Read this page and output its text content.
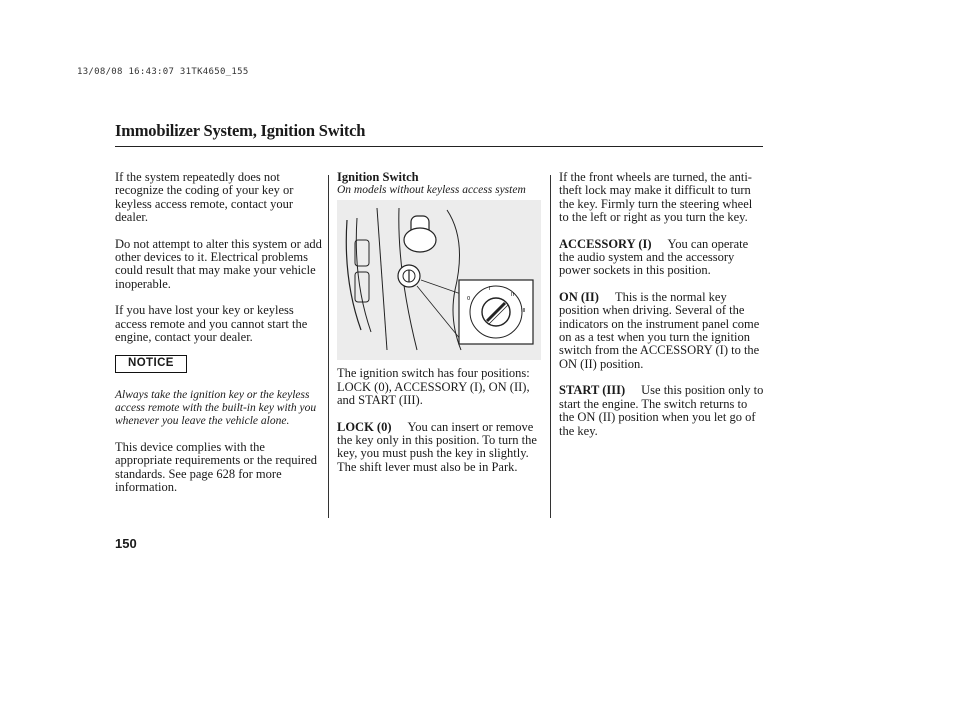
13/08/08 16:43:07 31TK4650_155
Immobilizer System, Ignition Switch

If the system repeatedly does not recognize the coding of your key or keyless access remote, contact your dealer.

Do not attempt to alter this system or add other devices to it. Electrical problems could result that may make your vehicle inoperable.

If you have lost your key or keyless access remote and you cannot start the engine, contact your dealer.

NOTICE

Always take the ignition key or the keyless access remote with the built-in key with you whenever you leave the vehicle alone.

This device complies with the appropriate requirements or the required standards. See page 628 for more information.

Ignition Switch
On models without keyless access system
0
I
II
III

The ignition switch has four positions: LOCK (0), ACCESSORY (I), ON (II), and START (III).

LOCK (0) You can insert or remove the key only in this position. To turn the key, you must push the key in slightly. The shift lever must also be in Park.

If the front wheels are turned, the anti-theft lock may make it difficult to turn the key. Firmly turn the steering wheel to the left or right as you turn the key.

ACCESSORY (I) You can operate the audio system and the accessory power sockets in this position.

ON (II) This is the normal key position when driving. Several of the indicators on the instrument panel come on as a test when you turn the ignition switch from the ACCESSORY (I) to the ON (II) position.

START (III) Use this position only to start the engine. The switch returns to the ON (II) position when you let go of the key.

150
